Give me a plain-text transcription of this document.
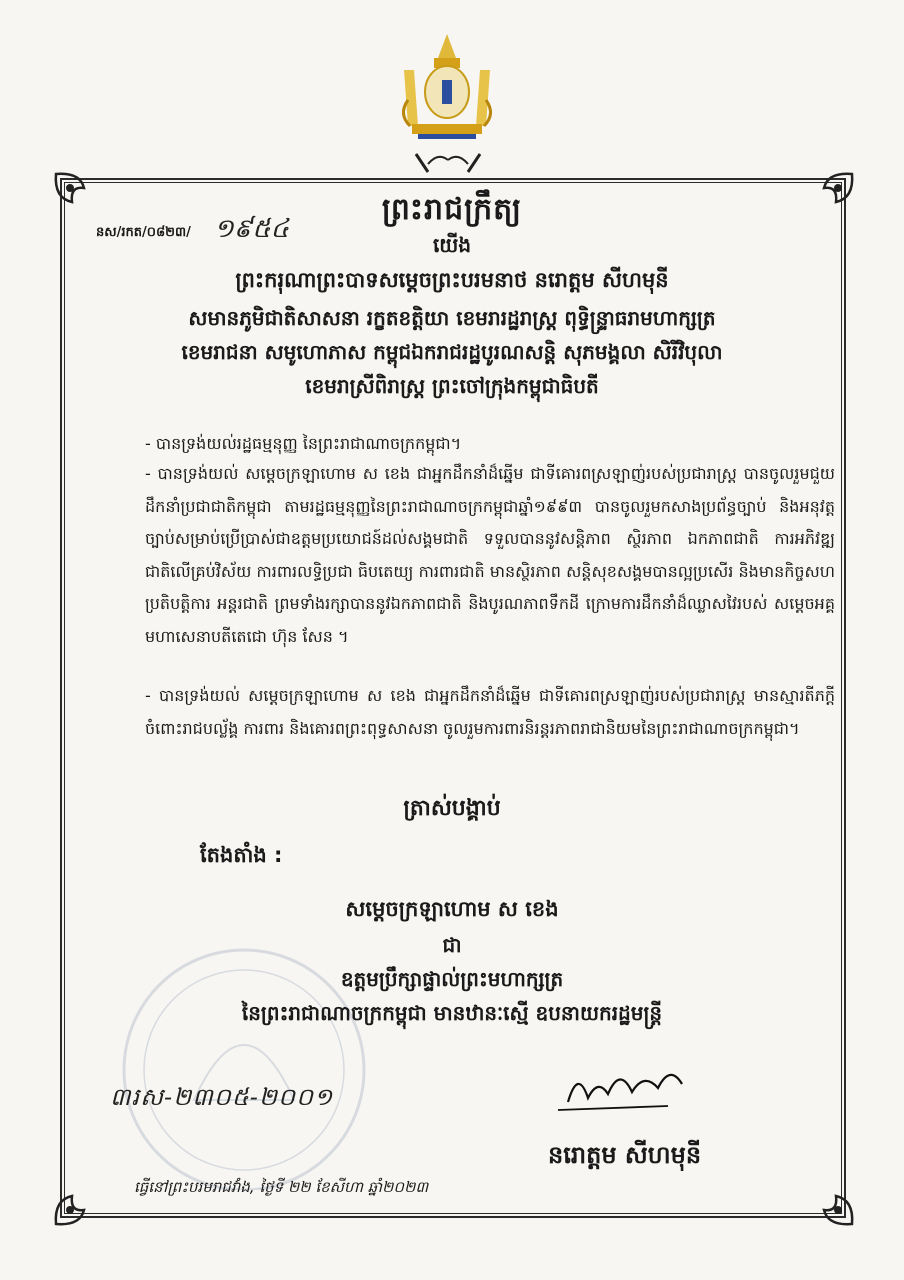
ព្រះរាជក្រឹត្យ
នស/រកត/០៨២៣/ ១៩៥៤
យើង
ព្រះករុណាព្រះបាទសម្តេចព្រះបរមនាថ នរោត្តម សីហមុនី
សមានភូមិជាតិសាសនា រក្ខតខត្តិយា ខេមរារដ្ឋរាស្ត្រ ពុទ្ធិន្ទ្រាធរាមហាក្សត្រ
ខេមរាជនា សមូហោភាស កម្ពុជឯករាជរដ្ឋបូរណសន្តិ សុភមង្គលា សិរីវិបុលា
ខេមរាស្រីពិរាស្ត្រ ព្រះចៅក្រុងកម្ពុជាធិបតី
- បានទ្រង់យល់រដ្ឋធម្មនុញ្ញ នៃព្រះរាជាណាចក្រកម្ពុជា។
- បានទ្រង់យល់ សម្តេចក្រឡាហោម ស ខេង ជាអ្នកដឹកនាំដ៏ឆ្នើម ជាទីគោរពស្រឡាញ់របស់ប្រជារាស្ត្រ បានចូលរួមជួយដឹកនាំប្រជាជាតិកម្ពុជា តាមរដ្ឋធម្មនុញ្ញនៃព្រះរាជាណាចក្រកម្ពុជាឆ្នាំ១៩៩៣ បានចូលរួមកសាងប្រព័ន្ធច្បាប់ និងអនុវត្តច្បាប់សម្រាប់ប្រើប្រាស់ជាឧត្តមប្រយោជន៍ដល់សង្គមជាតិ ទទួលបាននូវសន្តិភាព ស្ថិរភាព ឯកភាពជាតិ ការអភិវឌ្ឍជាតិលើគ្រប់វិស័យ ការពារលទ្ធិប្រជា ធិបតេយ្យ ការពារជាតិ មានស្ថិរភាព សន្តិសុខសង្គមបានល្អប្រសើរ និងមានកិច្ចសហប្រតិបត្តិការ អន្តរជាតិ ព្រមទាំងរក្សាបាននូវឯកភាពជាតិ និងបូរណភាពទឹកដី ក្រោមការដឹកនាំដ៏ឈ្លាសវៃរបស់ សម្តេចអគ្គមហាសេនាបតីតេជោ ហ៊ុន សែន ។
- បានទ្រង់យល់ សម្តេចក្រឡាហោម ស ខេង ជាអ្នកដឹកនាំដ៏ឆ្នើម ជាទីគោរពស្រឡាញ់របស់ប្រជារាស្ត្រ មានស្មារតីភក្តីចំពោះរាជបល្ល័ង្គ ការពារ និងគោរពព្រះពុទ្ធសាសនា ចូលរួមការពារនិរន្តរភាពរាជានិយមនៃព្រះរាជាណាចក្រកម្ពុជា។
ត្រាស់បង្គាប់
តែងតាំង :
សម្តេចក្រឡាហោម ស ខេង
ជា
ឧត្តមប្រឹក្សាផ្ទាល់ព្រះមហាក្សត្រ
នៃព្រះរាជាណាចក្រកម្ពុជា មានឋានៈស្មើ ឧបនាយករដ្ឋមន្ត្រី
៣រស-២៣០៥-២០០១
នរោត្តម សីហមុនី
ធ្វើនៅព្រះបរមរាជវាំង, ថ្ងៃទី ២២ ខែសីហា ឆ្នាំ២០២៣
